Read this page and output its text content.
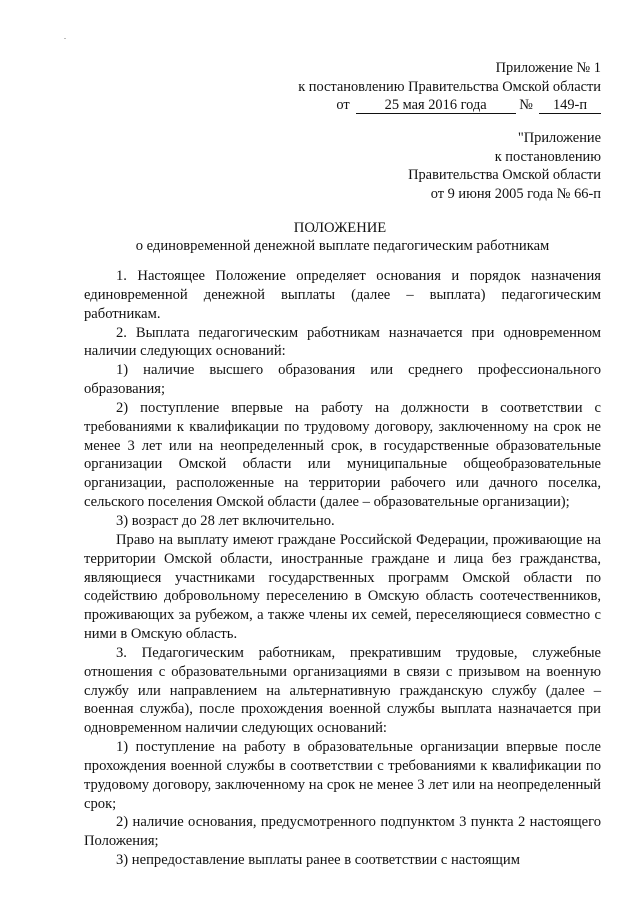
Приложение № 1
к постановлению Правительства Омской области
от 25 мая 2016 года № 149-п
"Приложение
к постановлению
Правительства Омской области
от 9 июня 2005 года № 66-п
ПОЛОЖЕНИЕ
о единовременной денежной выплате педагогическим работникам

1. Настоящее Положение определяет основания и порядок назначения единовременной денежной выплаты (далее – выплата) педагогическим работникам.

2. Выплата педагогическим работникам назначается при одновременном наличии следующих оснований:

1) наличие высшего образования или среднего профессионального образования;

2) поступление впервые на работу на должности в соответствии с требованиями к квалификации по трудовому договору, заключенному на срок не менее 3 лет или на неопределенный срок, в государственные образовательные организации Омской области или муниципальные общеобразовательные организации, расположенные на территории рабочего или дачного поселка, сельского поселения Омской области (далее – образовательные организации);

3) возраст до 28 лет включительно.

Право на выплату имеют граждане Российской Федерации, проживающие на территории Омской области, иностранные граждане и лица без гражданства, являющиеся участниками государственных программ Омской области по содействию добровольному переселению в Омскую область соотечественников, проживающих за рубежом, а также члены их семей, переселяющиеся совместно с ними в Омскую область.

3. Педагогическим работникам, прекратившим трудовые, служебные отношения с образовательными организациями в связи с призывом на военную службу или направлением на альтернативную гражданскую службу (далее – военная служба), после прохождения военной службы выплата назначается при одновременном наличии следующих оснований:

1) поступление на работу в образовательные организации впервые после прохождения военной службы в соответствии с требованиями к квалификации по трудовому договору, заключенному на срок не менее 3 лет или на неопределенный срок;

2) наличие основания, предусмотренного подпунктом 3 пункта 2 настоящего Положения;

3) непредоставление выплаты ранее в соответствии с настоящим
